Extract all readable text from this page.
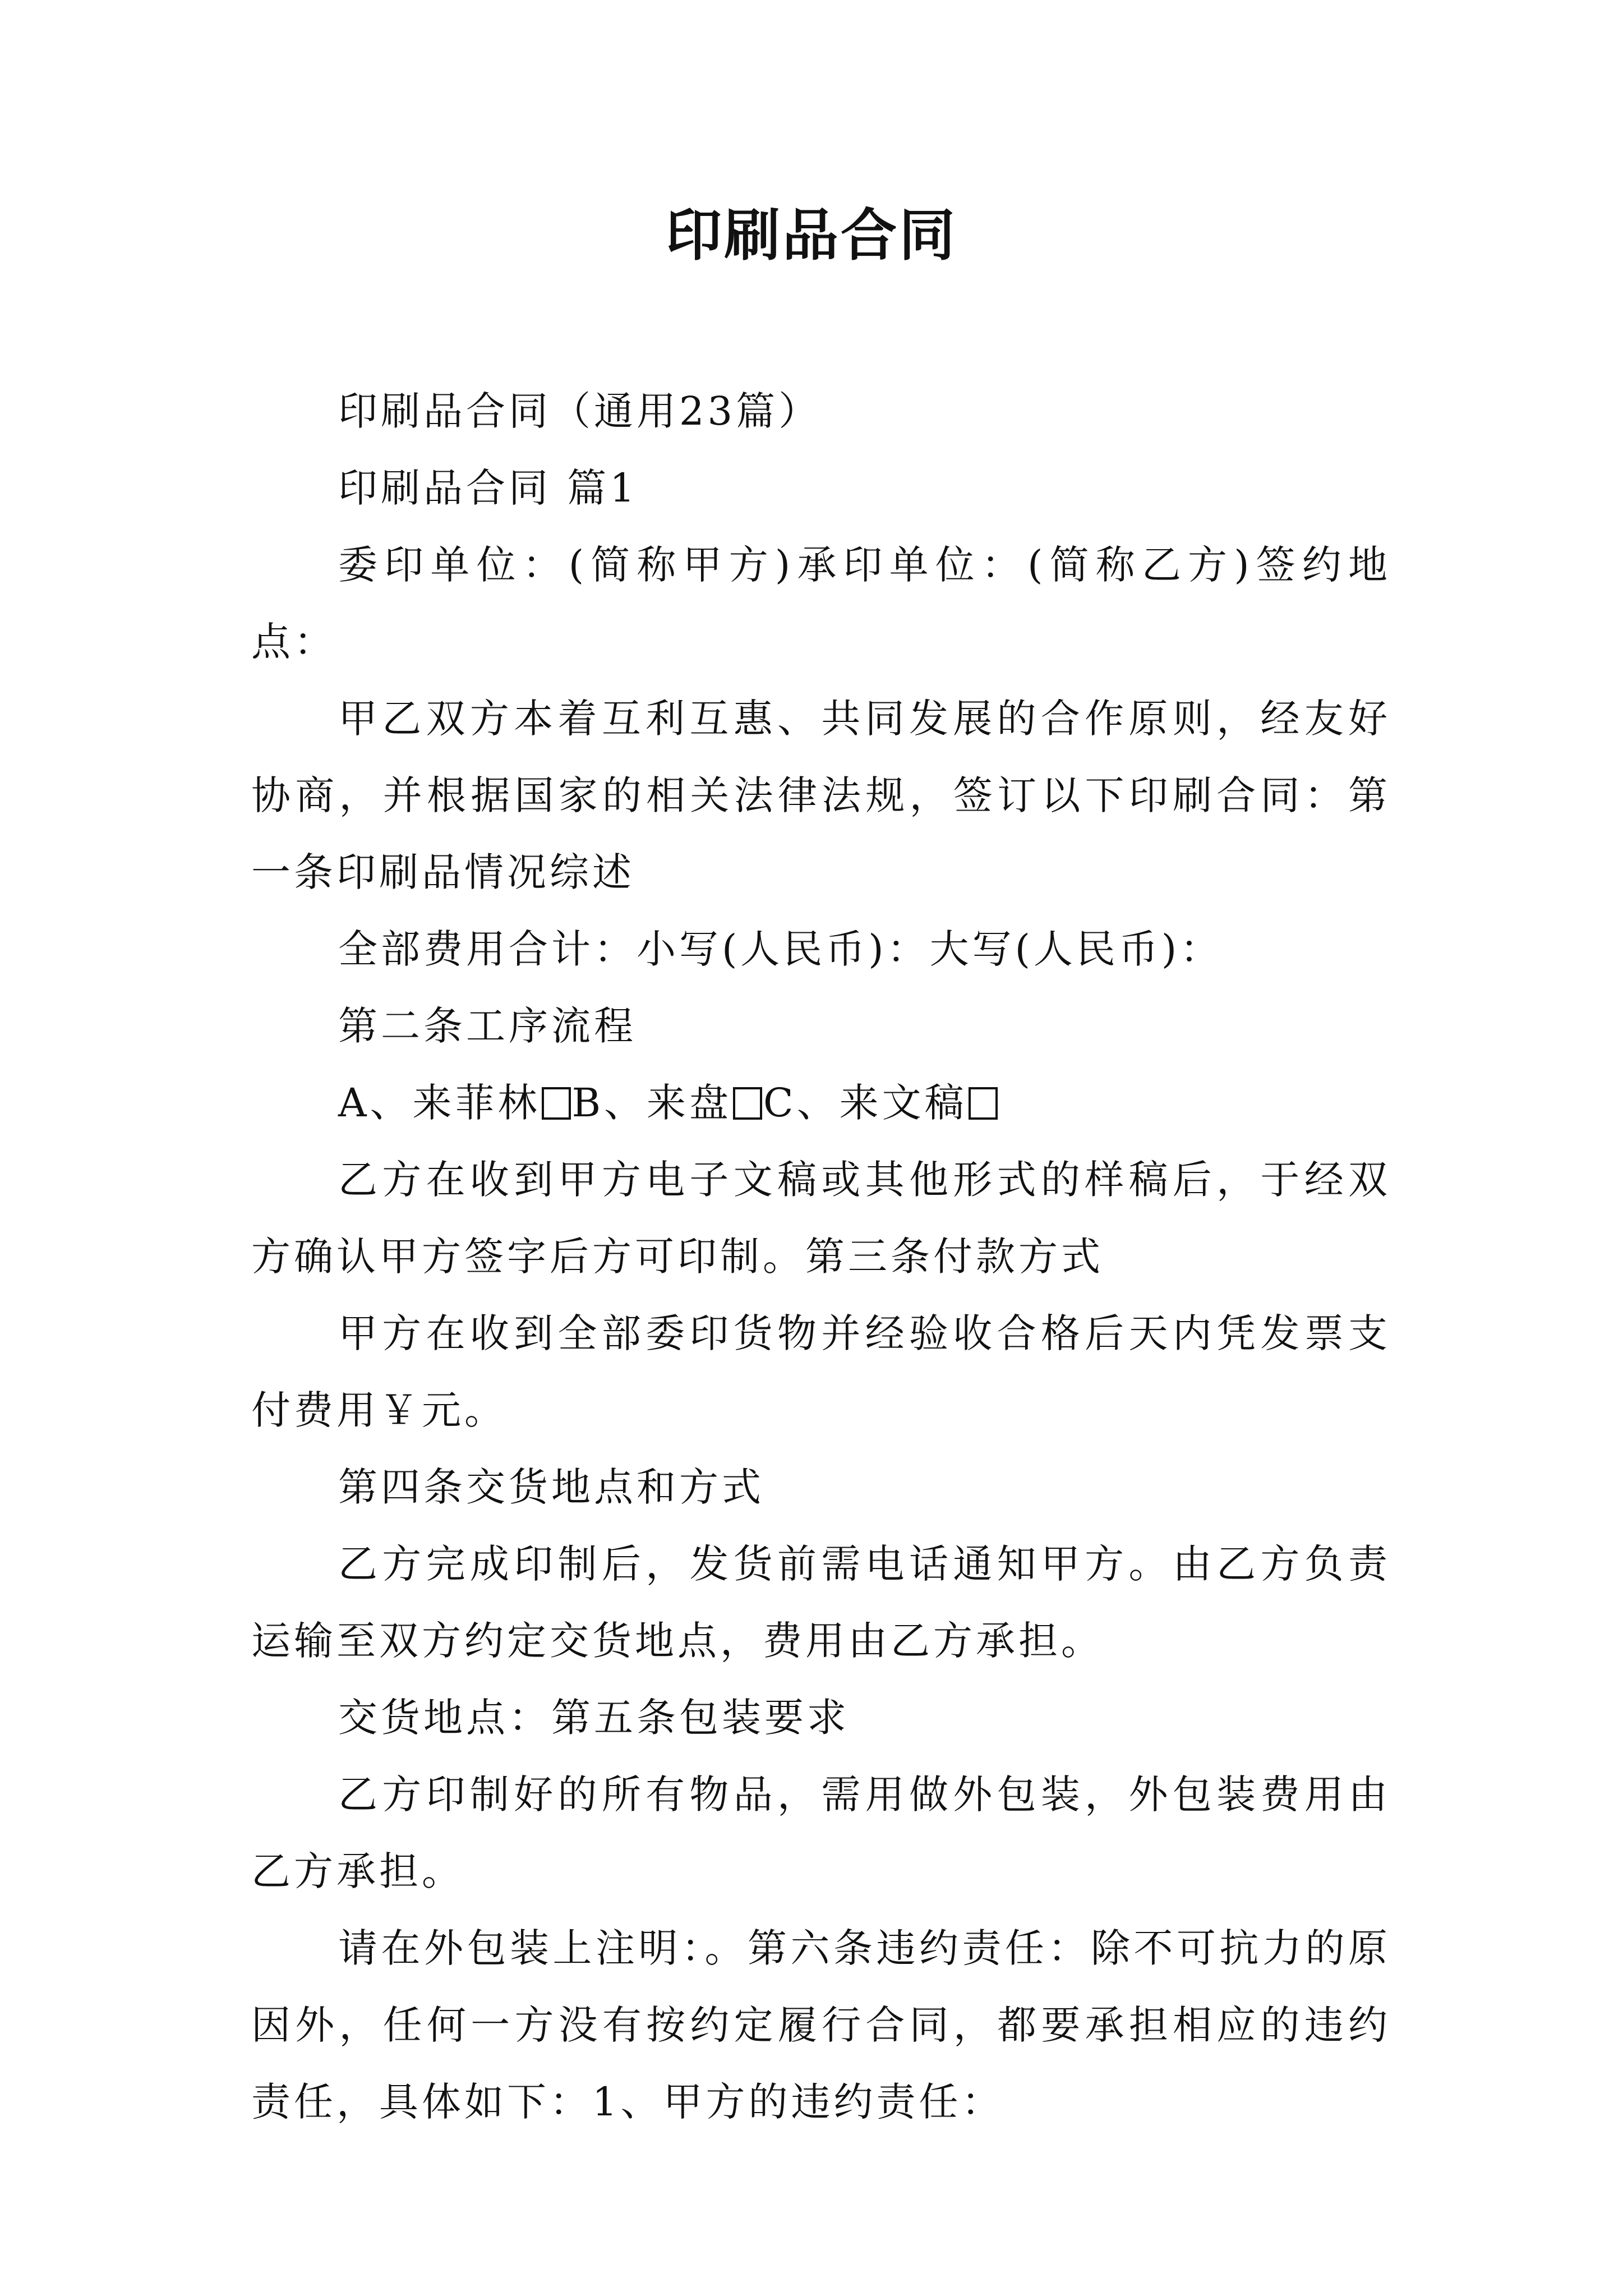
印刷品合同

印刷品合同（通用23篇）

印刷品合同 篇1

委印单位：(简称甲方)承印单位：(简称乙方)签约地点：

甲乙双方本着互利互惠、共同发展的合作原则，经友好协商，并根据国家的相关法律法规，签订以下印刷合同：第一条印刷品情况综述

全部费用合计：小写(人民币)：大写(人民币)：

第二条工序流程

A、来菲林 B、来盘 C、来文稿

乙方在收到甲方电子文稿或其他形式的样稿后，于经双方确认甲方签字后方可印制。第三条付款方式

甲方在收到全部委印货物并经验收合格后天内凭发票支付费用￥元。

第四条交货地点和方式

乙方完成印制后，发货前需电话通知甲方。由乙方负责运输至双方约定交货地点，费用由乙方承担。

交货地点：第五条包装要求

乙方印制好的所有物品，需用做外包装，外包装费用由乙方承担。

请在外包装上注明：。第六条违约责任：除不可抗力的原因外，任何一方没有按约定履行合同，都要承担相应的违约责任，具体如下：1、甲方的违约责任：
